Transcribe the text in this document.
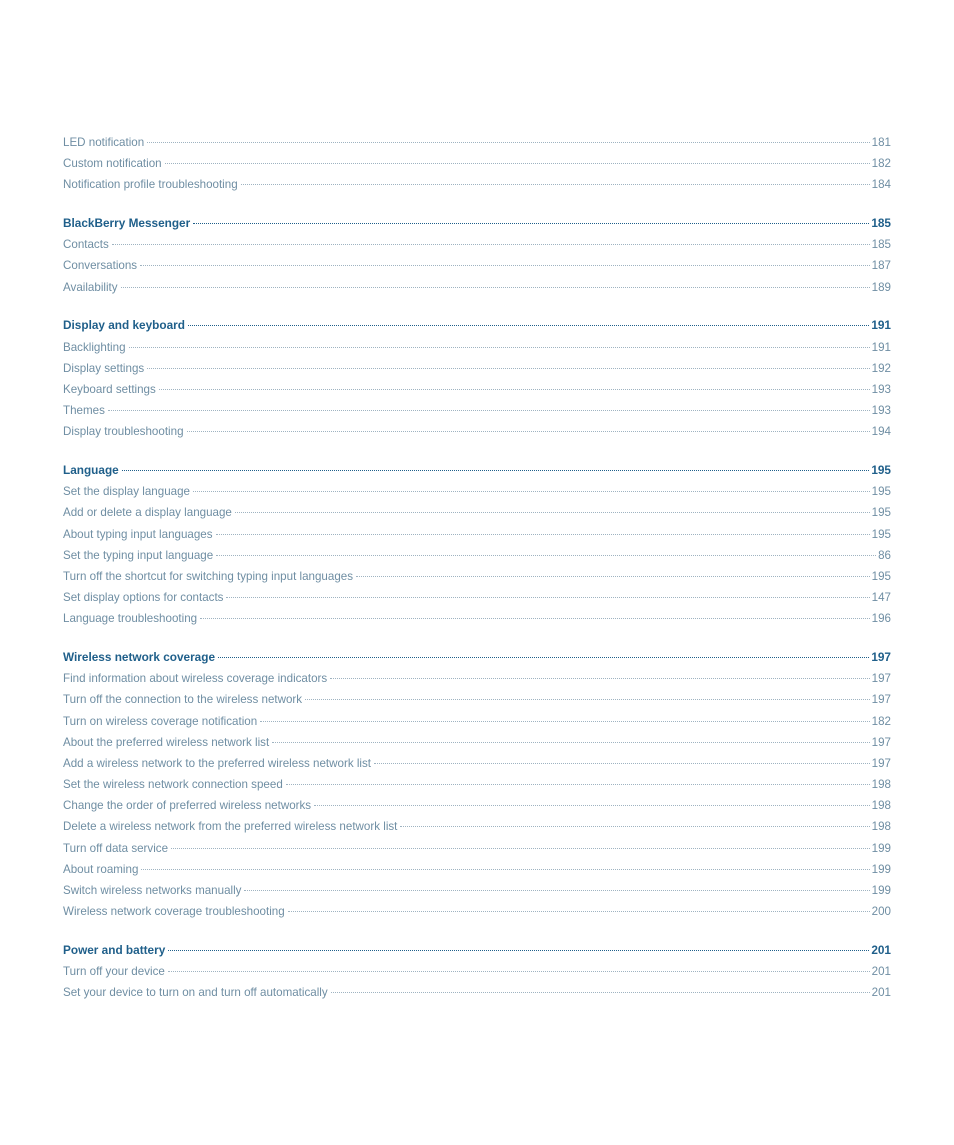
LED notification	181
Custom notification	182
Notification profile troubleshooting	184
BlackBerry Messenger	185
Contacts	185
Conversations	187
Availability	189
Display and keyboard	191
Backlighting	191
Display settings	192
Keyboard settings	193
Themes	193
Display troubleshooting	194
Language	195
Set the display language	195
Add or delete a display language	195
About typing input languages	195
Set the typing input language	86
Turn off the shortcut for switching typing input languages	195
Set display options for contacts	147
Language troubleshooting	196
Wireless network coverage	197
Find information about wireless coverage indicators	197
Turn off the connection to the wireless network	197
Turn on wireless coverage notification	182
About the preferred wireless network list	197
Add a wireless network to the preferred wireless network list	197
Set the wireless network connection speed	198
Change the order of preferred wireless networks	198
Delete a wireless network from the preferred wireless network list	198
Turn off data service	199
About roaming	199
Switch wireless networks manually	199
Wireless network coverage troubleshooting	200
Power and battery	201
Turn off your device	201
Set your device to turn on and turn off automatically	201
